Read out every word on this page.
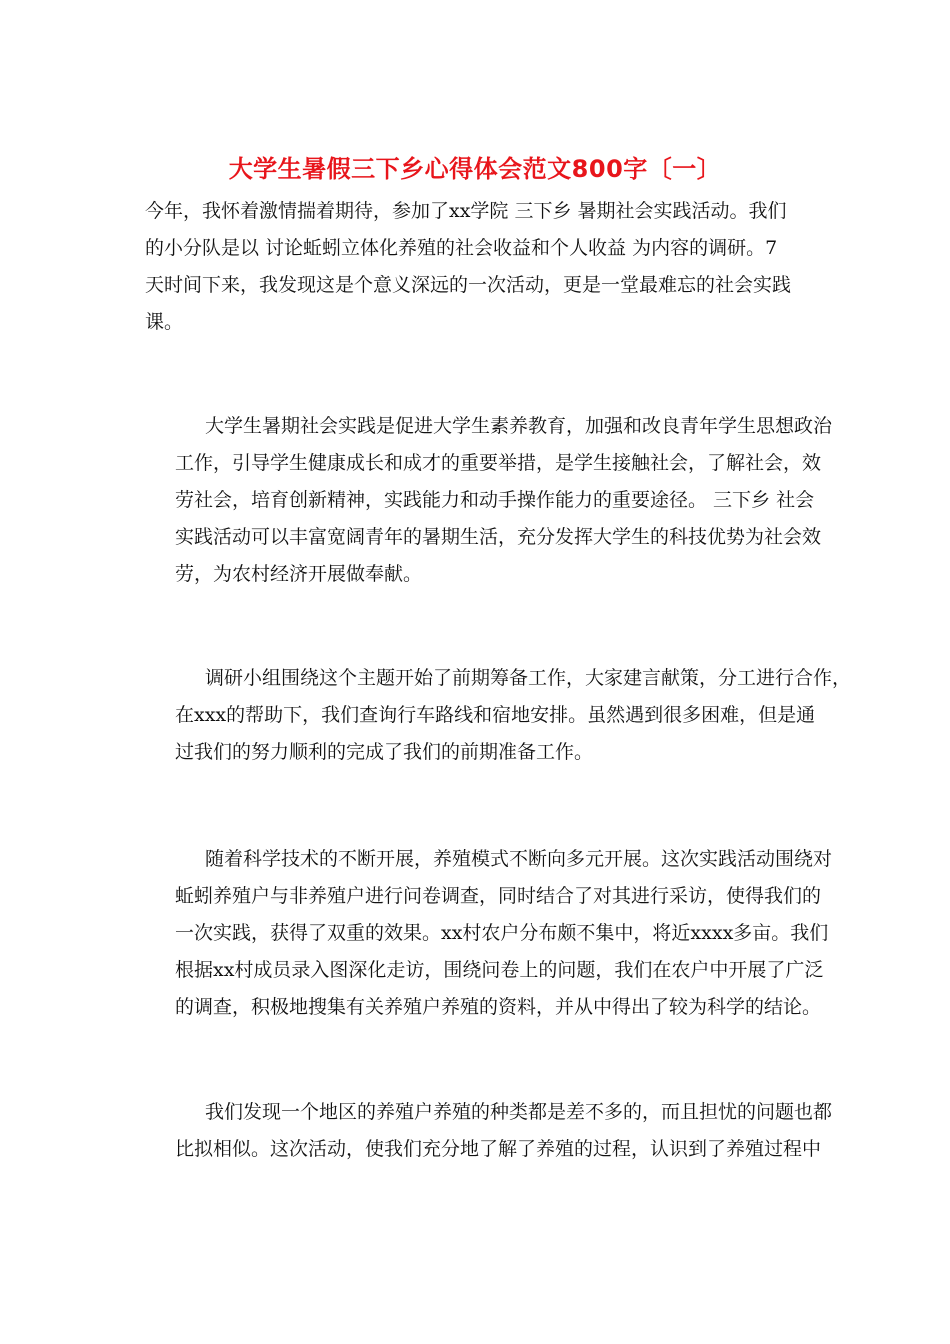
大学生暑假三下乡心得体会范文800字〔一〕
今年，我怀着激情揣着期待，参加了xx学院 三下乡 暑期社会实践活动。我们
的小分队是以 讨论蚯蚓立体化养殖的社会收益和个人收益 为内容的调研。7
天时间下来，我发现这是个意义深远的一次活动，更是一堂最难忘的社会实践
课。
大学生暑期社会实践是促进大学生素养教育，加强和改良青年学生思想政治
工作，引导学生健康成长和成才的重要举措，是学生接触社会，了解社会，效
劳社会，培育创新精神，实践能力和动手操作能力的重要途径。 三下乡 社会
实践活动可以丰富宽阔青年的暑期生活，充分发挥大学生的科技优势为社会效
劳，为农村经济开展做奉献。
调研小组围绕这个主题开始了前期筹备工作，大家建言献策，分工进行合作，
在xxx的帮助下，我们查询行车路线和宿地安排。虽然遇到很多困难，但是通
过我们的努力顺利的完成了我们的前期准备工作。
随着科学技术的不断开展，养殖模式不断向多元开展。这次实践活动围绕对
蚯蚓养殖户与非养殖户进行问卷调查，同时结合了对其进行采访，使得我们的
一次实践，获得了双重的效果。xx村农户分布颇不集中，将近xxxx多亩。我们
根据xx村成员录入图深化走访，围绕问卷上的问题，我们在农户中开展了广泛
的调查，积极地搜集有关养殖户养殖的资料，并从中得出了较为科学的结论。
我们发现一个地区的养殖户养殖的种类都是差不多的，而且担忧的问题也都
比拟相似。这次活动，使我们充分地了解了养殖的过程，认识到了养殖过程中
